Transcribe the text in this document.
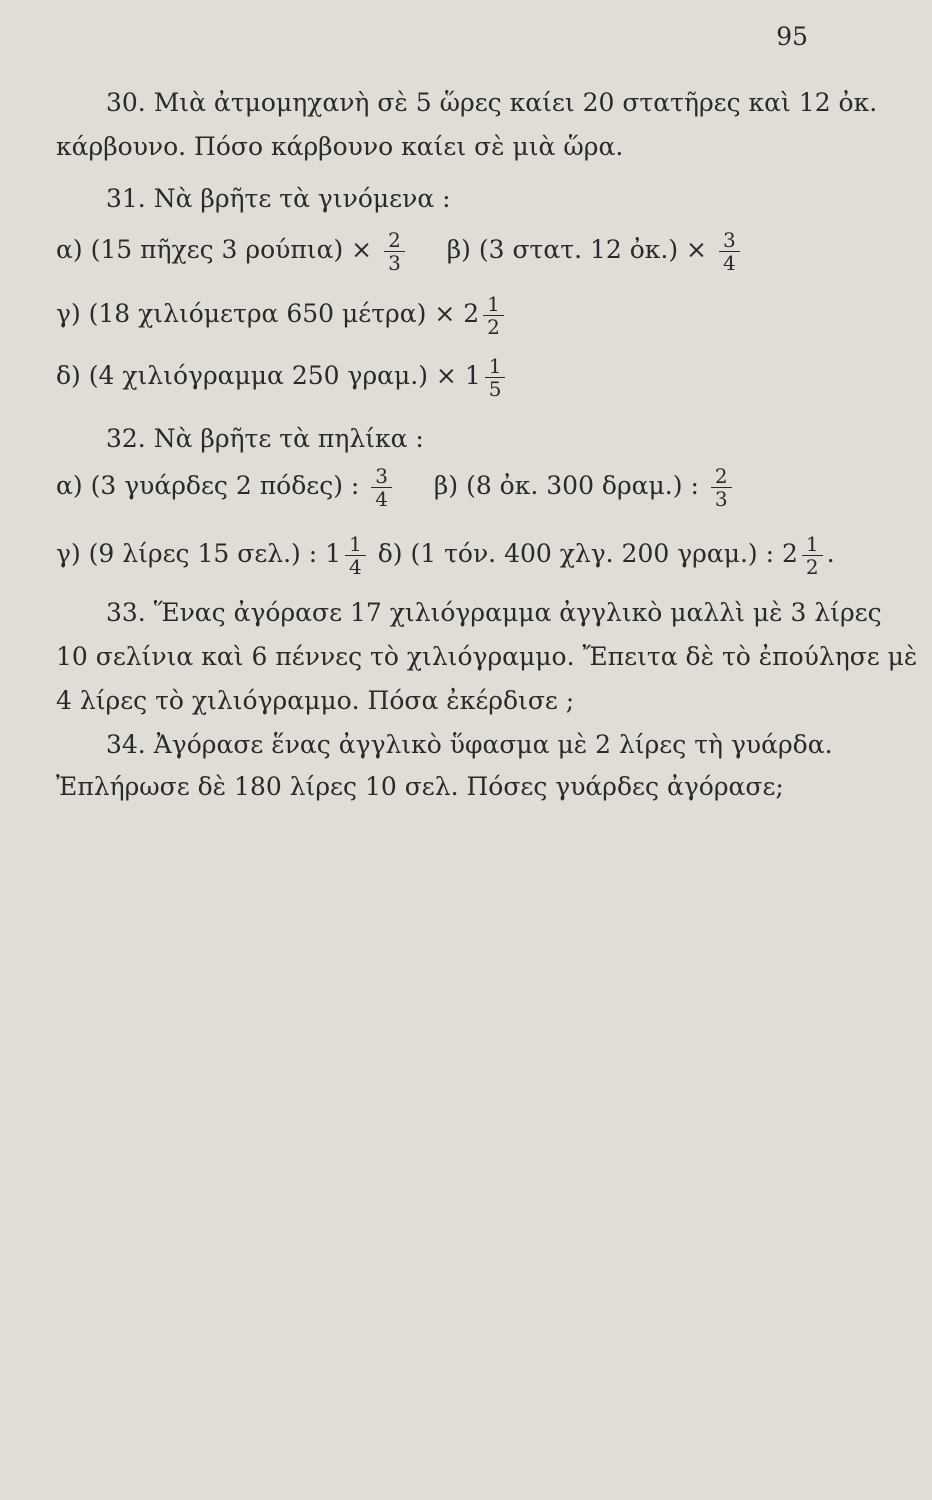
95
30. Μιὰ ἀτμομηχανὴ σὲ 5 ὥρες καίει 20 στατῆρες καὶ 12 ὀκ.
κάρβουνο. Πόσο κάρβουνο καίει σὲ μιὰ ὥρα.
31. Νὰ βρῆτε τὰ γινόμενα :
α) (15 πῆχες 3 $\rho oύ\pi\iota\alpha) \times \frac{2}{3} \beta$) (3 στατ. 12 ὀκ.) × $\frac{3}{4}$
γ) (18 χιλιόμετρα 650 $\mu έ\tau\rho\alpha) \times 2 \frac{1}{2}$
δ) (4 χιλιόγραμμα 250 $\gamma\rho\alpha\mu.) \times 1 \frac{1}{5}$
32. Νὰ βρῆτε τὰ πηλίκα :
α) (3 γυάρδες 2 πόδες) : $\frac{3}{4} \beta$) (8 ὀκ. 300 δραμ.) : $\frac{2}{3}$
γ) (9 λίρες 15 σελ.) : $1 \frac{1}{4} \delta$) (1 τόν. 400 χλγ. 200 γραμ.) : $2 \frac{1}{2}$ .
33. Ἕνας ἀγόρασε 17 χιλιόγραμμα ἀγγλικὸ μαλλὶ μὲ 3 λίρες
10 σελίνια καὶ 6 πέννες τὸ χιλιόγραμμο. Ἔπειτα δὲ τὸ ἐπούλησε μὲ
4 λίρες τὸ χιλιόγραμμο. Πόσα ἐκέρδισε ;
34. Ἀγόρασε ἕνας ἀγγλικὸ ὕφασμα μὲ 2 λίρες τὴ γυάρδα.
Ἐπλήρωσε δὲ 180 λίρες 10 σελ. Πόσες γυάρδες ἀγόρασε;
